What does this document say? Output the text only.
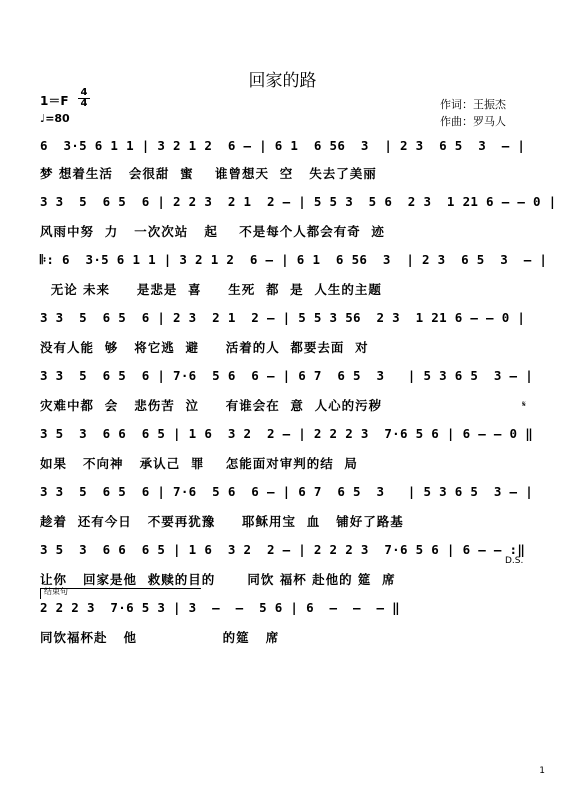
回家的路
1＝F
4
4
♩=80
作词：王振杰
作曲：罗马人
6  3·5 6 1 1 | 3 2 1 2  6 – | 6 1  6 56  3  | 2 3  6 5  3  – |
梦 想着生活   会很甜  蜜    谁曾想天  空   失去了美丽
3 3  5  6 5  6 | 2 2 3  2 1  2 – | 5 5 3  5 6  2 3  1 21 6 – – 0 |
风雨中努  力   一次次站   起    不是每个人都会有奇  迹
𝄆: 6  3·5 6 1 1 | 3 2 1 2  6 – | 6 1  6 56  3  | 2 3  6 5  3  – |
无论 未来     是悲是  喜     生死  都  是  人生的主题
3 3  5  6 5  6 | 2 3  2 1  2 – | 5 5 3 56  2 3  1 21 6 – – 0 |
没有人能  够   将它逃  避     活着的人  都要去面  对
3 3  5  6 5  6 | 7·6  5 6  6 – | 6 7  6 5  3   | 5 3 6 5  3 – |
灾难中都  会   悲伤苦  泣     有谁会在  意  人心的污秽	𝄋
3 5  3  6 6  6 5 | 1 6  3 2  2 – | 2 2 2 3  7·6 5 6 | 6 – – 0 ‖
如果   不向神   承认己  罪    怎能面对审判的结  局
3 3  5  6 5  6 | 7·6  5 6  6 – | 6 7  6 5  3   | 5 3 6 5  3 – |
趁着  还有今日   不要再犹豫     耶稣用宝  血   铺好了路基
3 5  3  6 6  6 5 | 1 6  3 2  2 – | 2 2 2 3  7·6 5 6 | 6 – – :‖
让你   回家是他  救赎的目的      同饮 福杯 赴他的 筵  席
D.S.
结束句
2 2 2 3  7·6 5 3 | 3  –  –  5 6 | 6  –  –  – ‖
同饮福杯赴   他                的筵   席
1
